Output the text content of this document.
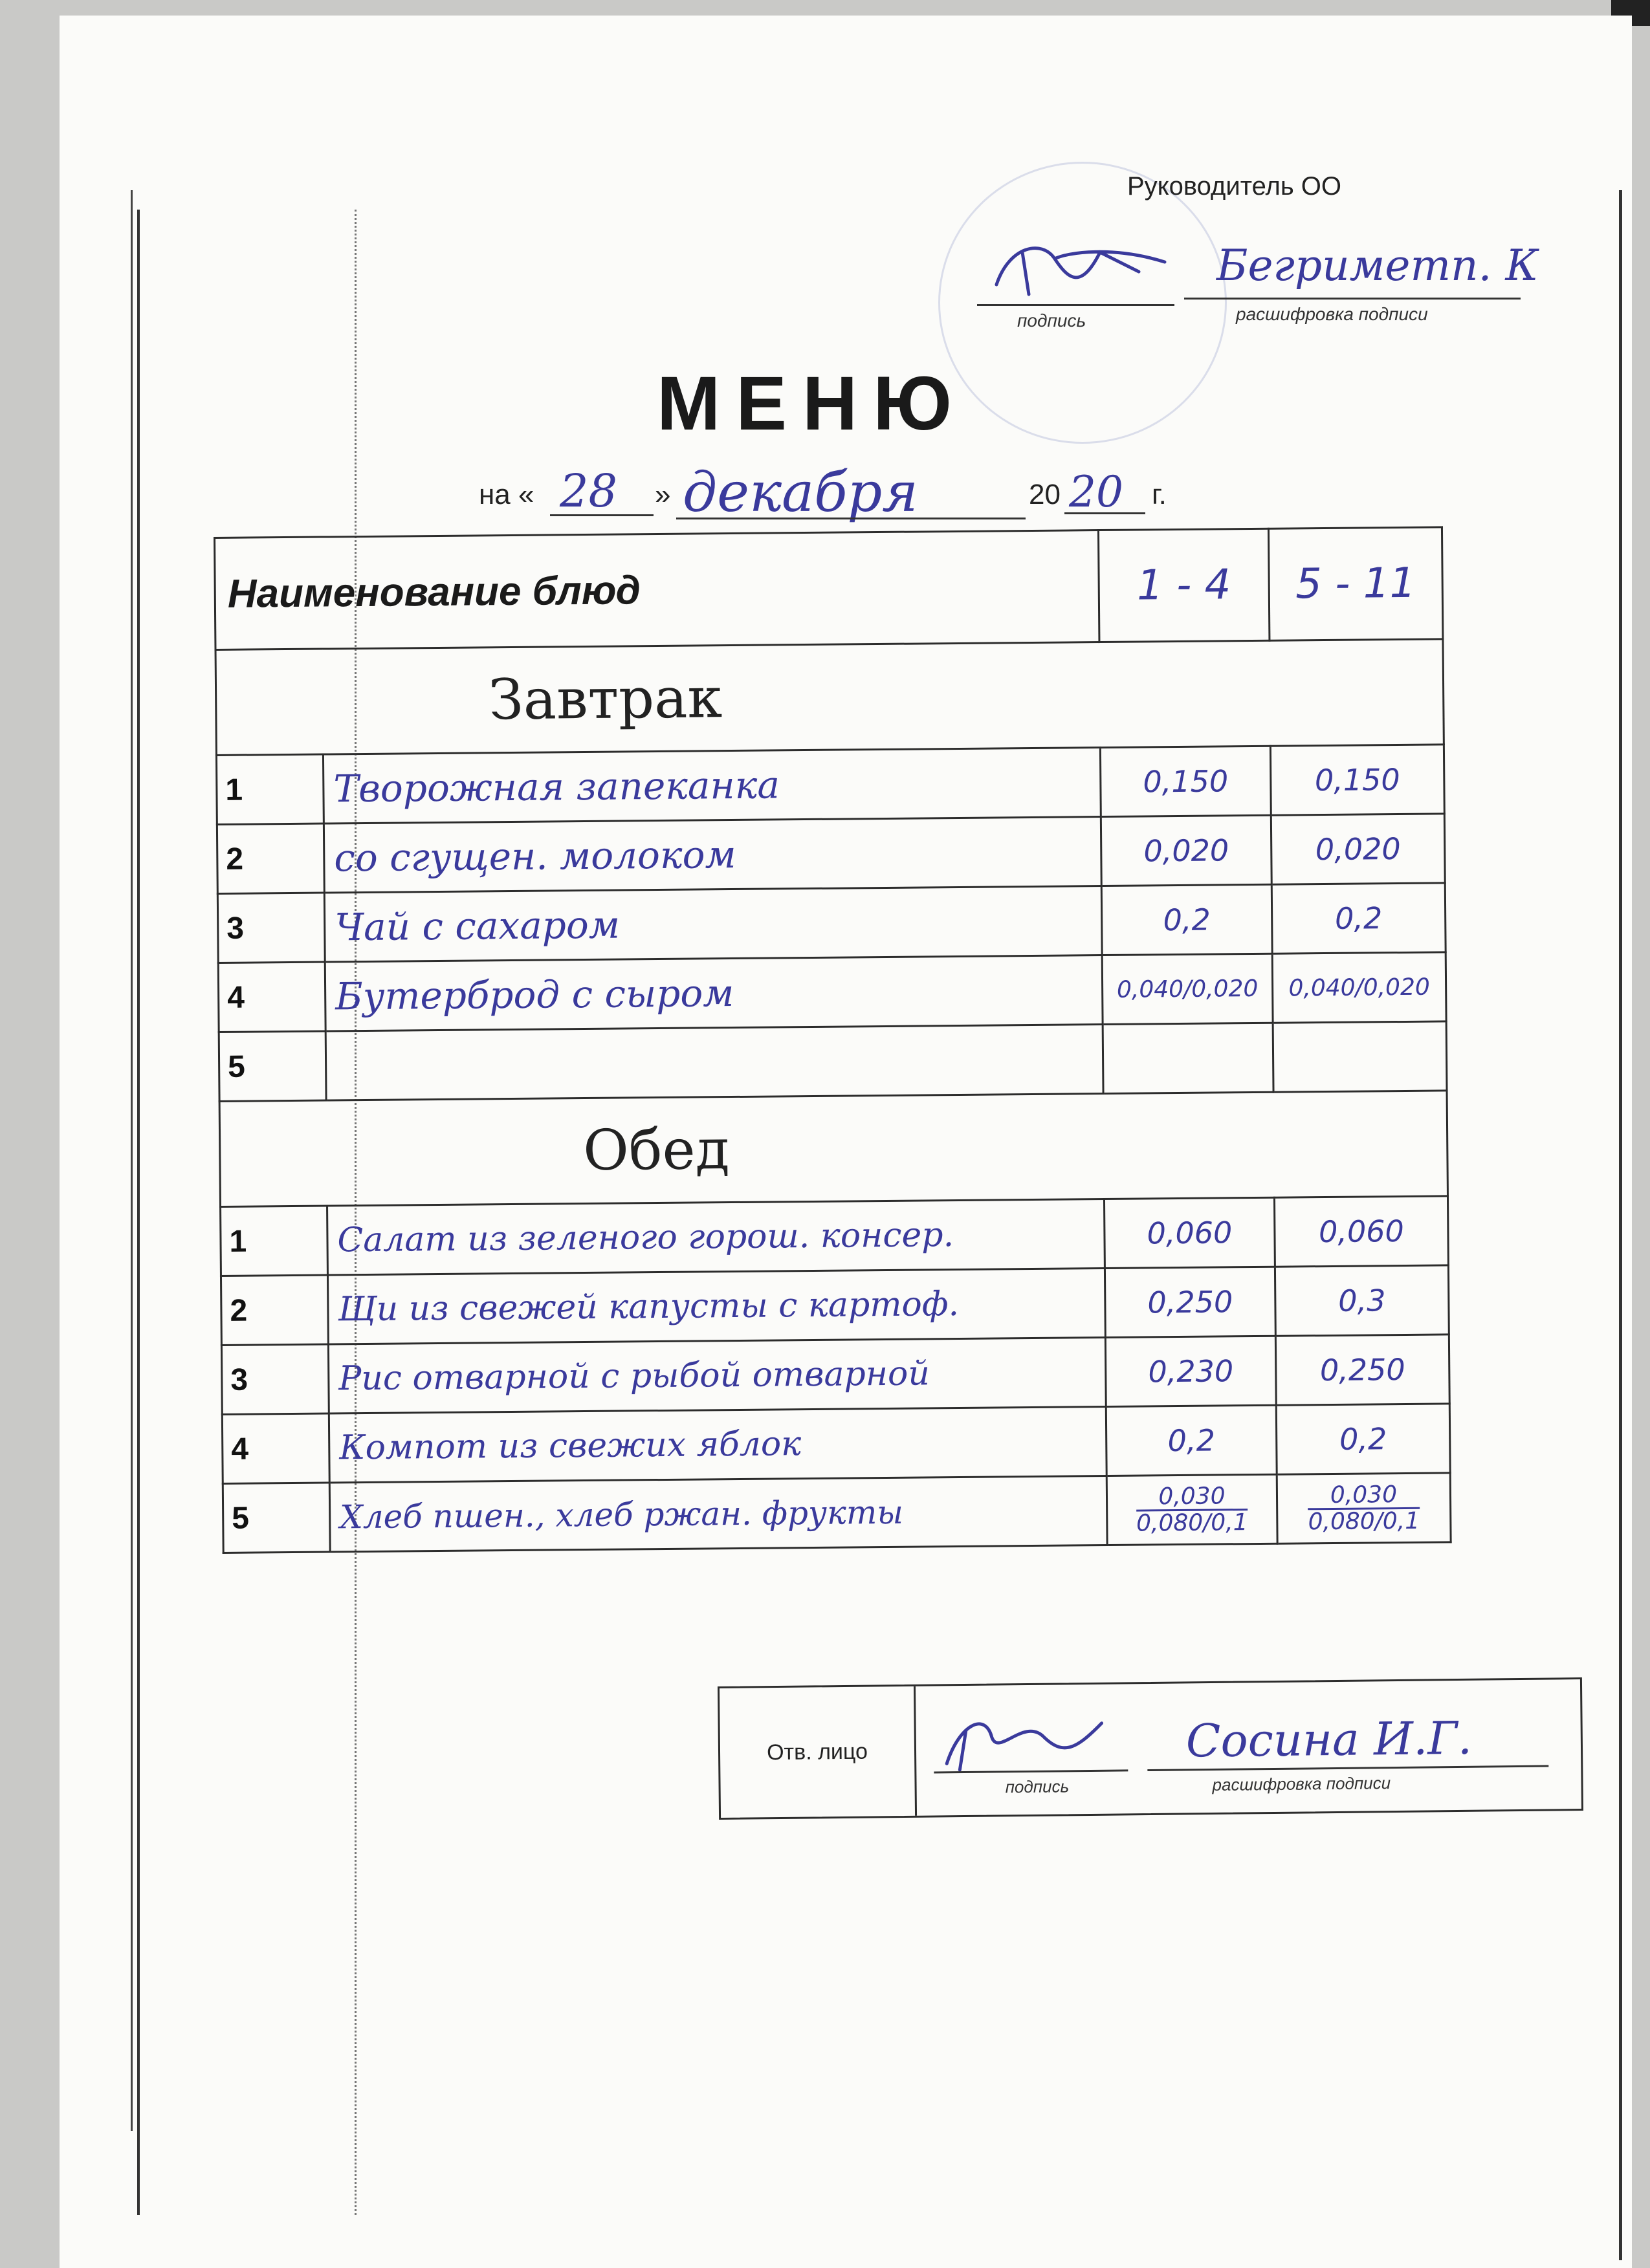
Руководитель ОО
Бегриметп. К
подпись	расшифровка подписи
МЕНЮ
на « 28 » декабря	20 20 г.
Наименование блюд		1 - 4	5 - 11
Завтрак			
1	Творожная запеканка	0,150	0,150
2	со сгущен. молоком	0,020	0,020
3	Чай с сахаром	0,2	0,2
4	Бутерброд с сыром	0,040/0,020	0,040/0,020
5			
Обед			
1	Салат из зеленого горош. консер.	0,060	0,060
2	Щи из свежей капусты с картоф.	0,250	0,3
3	Рис отварной с рыбой отварной	0,230	0,250
4	Компот из свежих яблок	0,2	0,2
5	Хлеб пшен., хлеб ржан. фрукты	$\frac{0,030}{0,080/0,1}$	$\frac{0,030}{0,080/0,1}$
Отв. лицо	Сосина И.Г.
подпись	расшифровка подписи
